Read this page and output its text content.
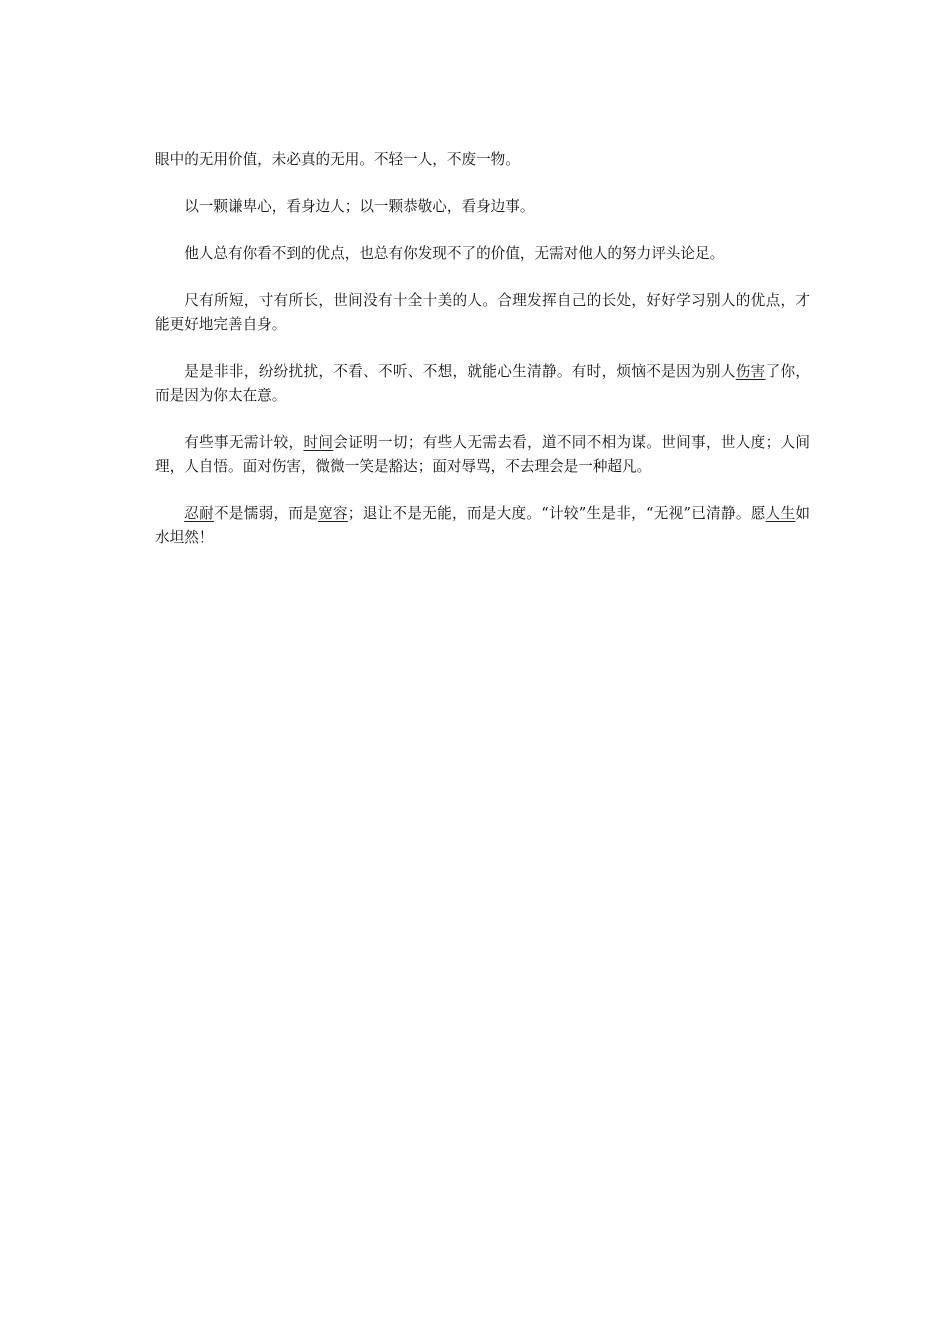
眼中的无用价值，未必真的无用。不轻一人，不废一物。

以一颗谦卑心，看身边人；以一颗恭敬心，看身边事。

他人总有你看不到的优点，也总有你发现不了的价值，无需对他人的努力评头论足。

尺有所短，寸有所长，世间没有十全十美的人。合理发挥自己的长处，好好学习别人的优点，才能更好地完善自身。

是是非非，纷纷扰扰，不看、不听、不想，就能心生清静。有时，烦恼不是因为别人伤害了你，而是因为你太在意。

有些事无需计较，时间会证明一切；有些人无需去看，道不同不相为谋。世间事，世人度；人间理，人自悟。面对伤害，微微一笑是豁达；面对辱骂，不去理会是一种超凡。

忍耐不是懦弱，而是宽容；退让不是无能，而是大度。“计较”生是非，“无视”已清静。愿人生如水坦然！
